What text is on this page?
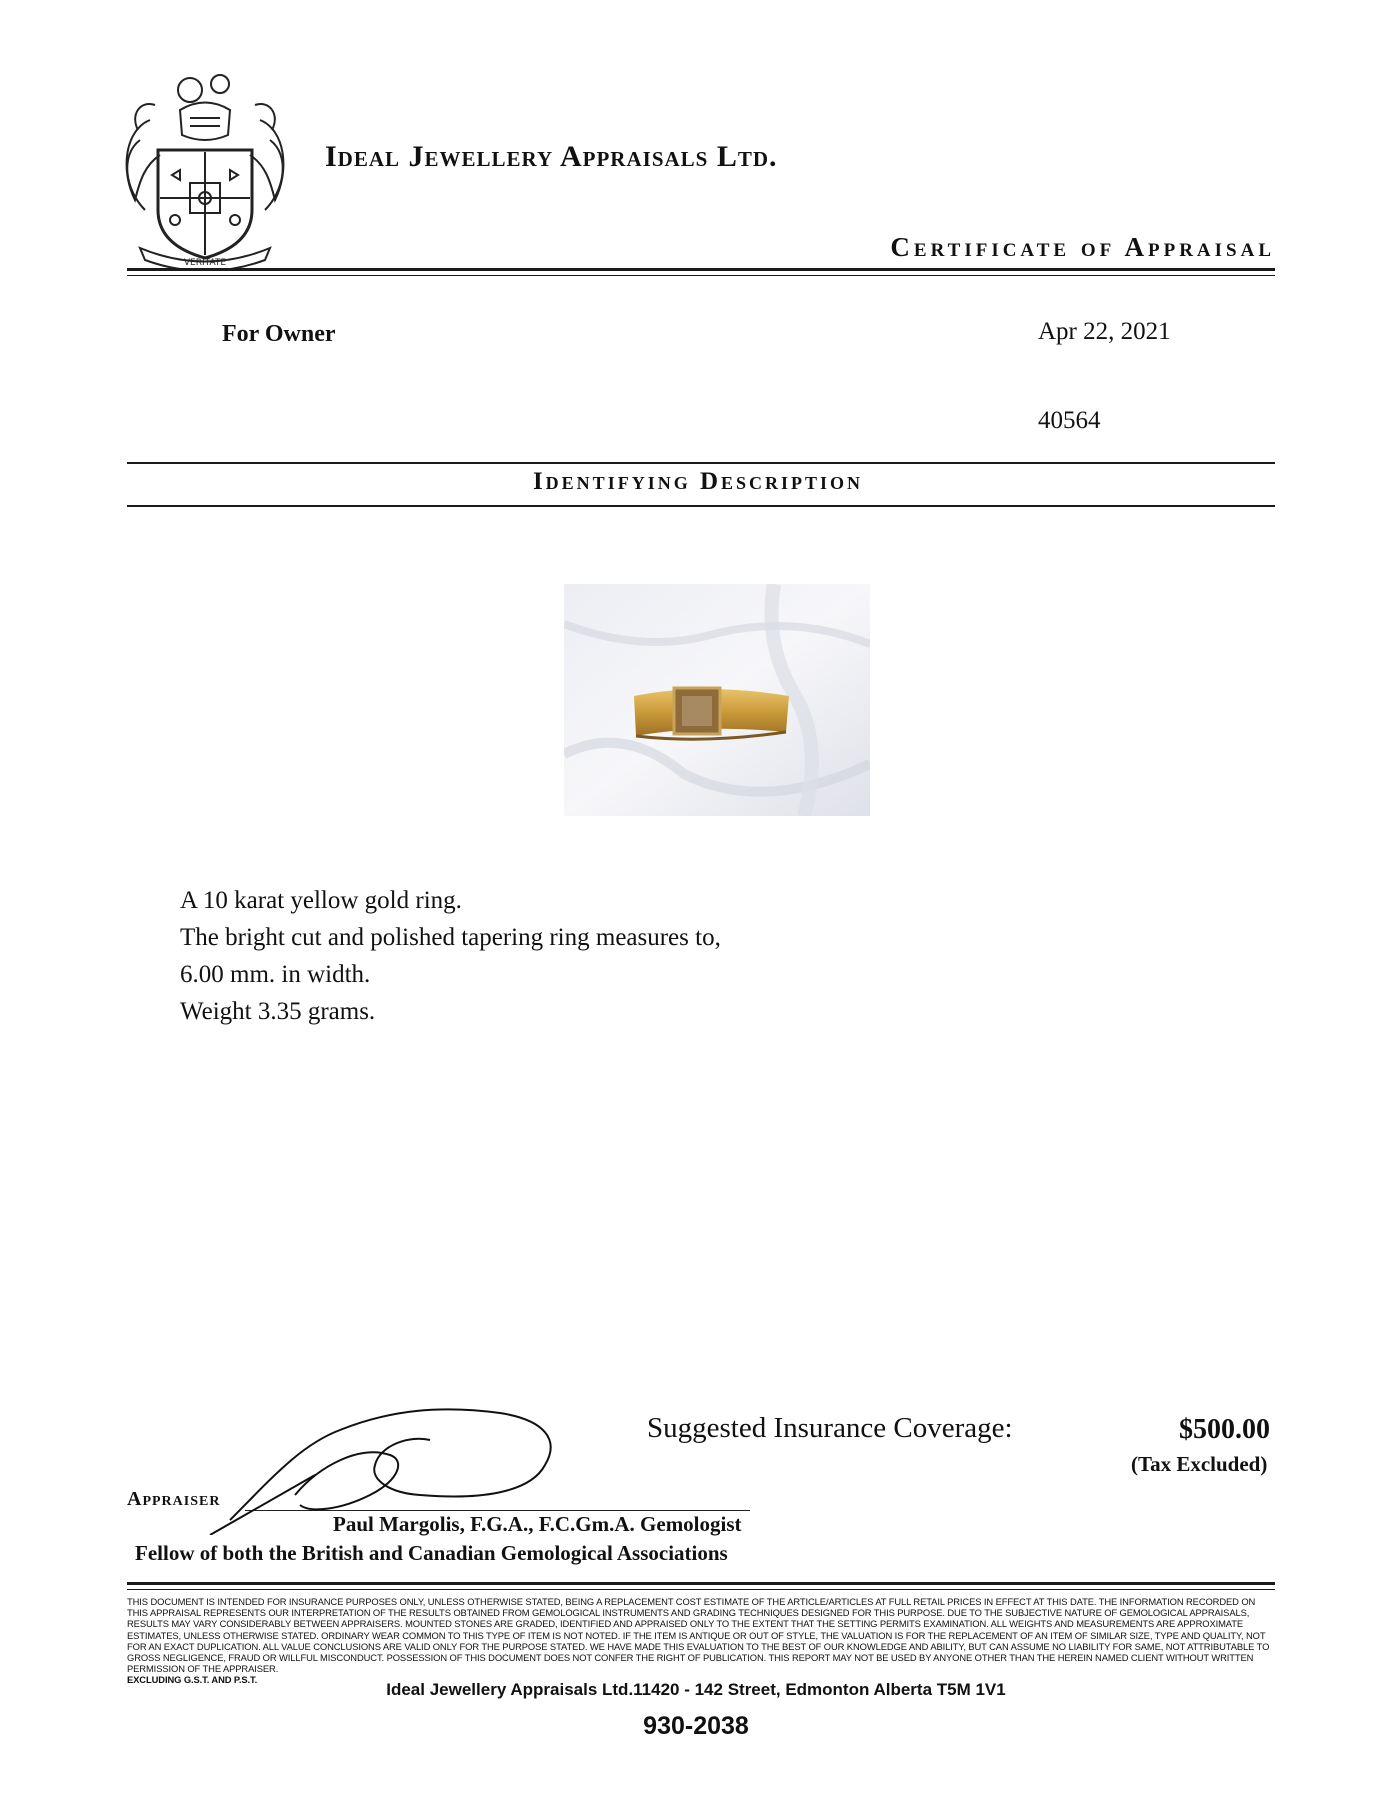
VERITATE
Ideal Jewellery Appraisals Ltd.
Certificate of Appraisal
For Owner	Apr 22, 2021
40564
Identifying Description
A 10 karat yellow gold ring.
The bright cut and polished tapering ring measures to,
6.00 mm. in width.
Weight 3.35 grams.
Suggested Insurance Coverage:	$500.00
(Tax Excluded)
Appraiser
Paul Margolis, F.G.A., F.C.Gm.A. Gemologist
Fellow of both the British and Canadian Gemological Associations
THIS DOCUMENT IS INTENDED FOR INSURANCE PURPOSES ONLY, UNLESS OTHERWISE STATED, BEING A REPLACEMENT COST ESTIMATE OF THE ARTICLE/ARTICLES AT FULL RETAIL PRICES IN EFFECT AT THIS DATE. THE INFORMATION RECORDED ON THIS APPRAISAL REPRESENTS OUR INTERPRETATION OF THE RESULTS OBTAINED FROM GEMOLOGICAL INSTRUMENTS AND GRADING TECHNIQUES DESIGNED FOR THIS PURPOSE. DUE TO THE SUBJECTIVE NATURE OF GEMOLOGICAL APPRAISALS, RESULTS MAY VARY CONSIDERABLY BETWEEN APPRAISERS. MOUNTED STONES ARE GRADED, IDENTIFIED AND APPRAISED ONLY TO THE EXTENT THAT THE SETTING PERMITS EXAMINATION. ALL WEIGHTS AND MEASUREMENTS ARE APPROXIMATE ESTIMATES, UNLESS OTHERWISE STATED. ORDINARY WEAR COMMON TO THIS TYPE OF ITEM IS NOT NOTED. IF THE ITEM IS ANTIQUE OR OUT OF STYLE, THE VALUATION IS FOR THE REPLACEMENT OF AN ITEM OF SIMILAR SIZE, TYPE AND QUALITY, NOT FOR AN EXACT DUPLICATION. ALL VALUE CONCLUSIONS ARE VALID ONLY FOR THE PURPOSE STATED. WE HAVE MADE THIS EVALUATION TO THE BEST OF OUR KNOWLEDGE AND ABILITY, BUT CAN ASSUME NO LIABILITY FOR SAME, NOT ATTRIBUTABLE TO GROSS NEGLIGENCE, FRAUD OR WILLFUL MISCONDUCT. POSSESSION OF THIS DOCUMENT DOES NOT CONFER THE RIGHT OF PUBLICATION. THIS REPORT MAY NOT BE USED BY ANYONE OTHER THAN THE HEREIN NAMED CLIENT WITHOUT WRITTEN PERMISSION OF THE APPRAISER.
EXCLUDING G.S.T. AND P.S.T.
Ideal Jewellery Appraisals Ltd.11420 - 142 Street, Edmonton Alberta T5M 1V1
930-2038
